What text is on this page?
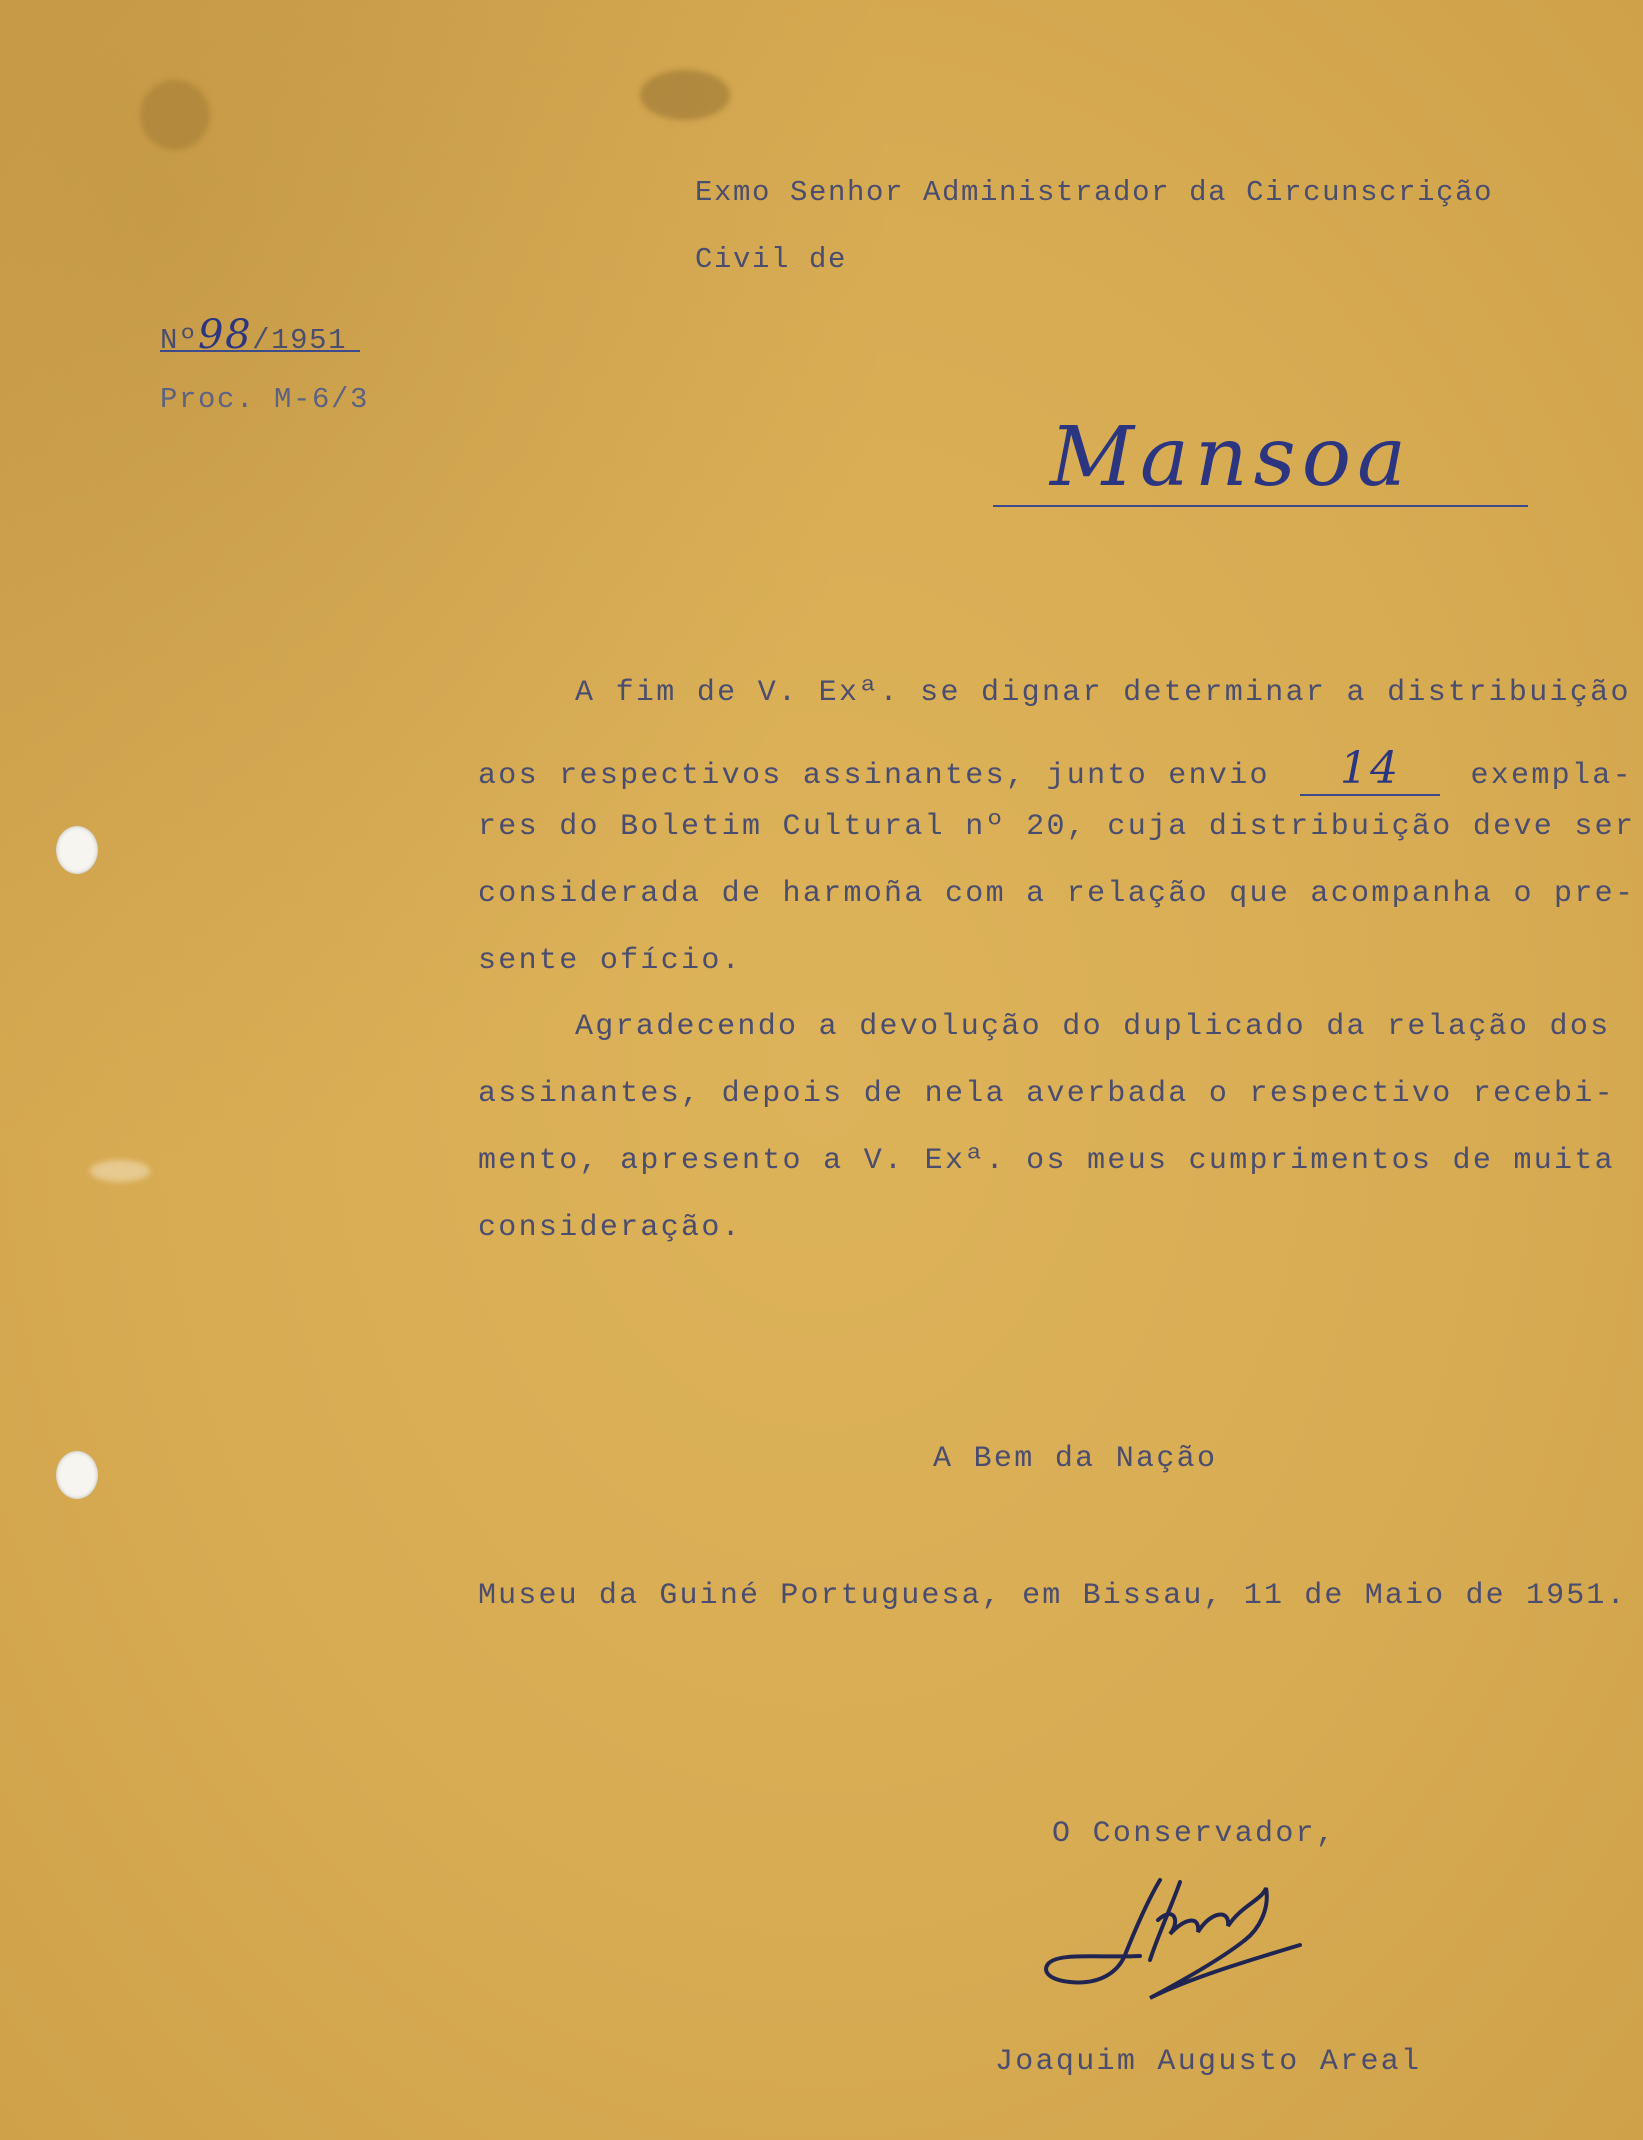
Exmo Senhor Administrador da Circunscrição
Civil de
Nº98/1951
Proc. M-6/3
Mansoa
A fim de V. Exª. se dignar determinar a distribuição
aos respectivos assinantes, junto envio 14 exempla-
res do Boletim Cultural nº 20, cuja distribuição deve ser
considerada de harmoña com a relação que acompanha o pre-
sente ofício.
Agradecendo a devolução do duplicado da relação dos
assinantes, depois de nela averbada o respectivo recebi-
mento, apresento a V. Exª. os meus cumprimentos de muita
consideração.
A Bem da Nação
Museu da Guiné Portuguesa, em Bissau, 11 de Maio de 1951.
O Conservador,
Joaquim Augusto Areal
